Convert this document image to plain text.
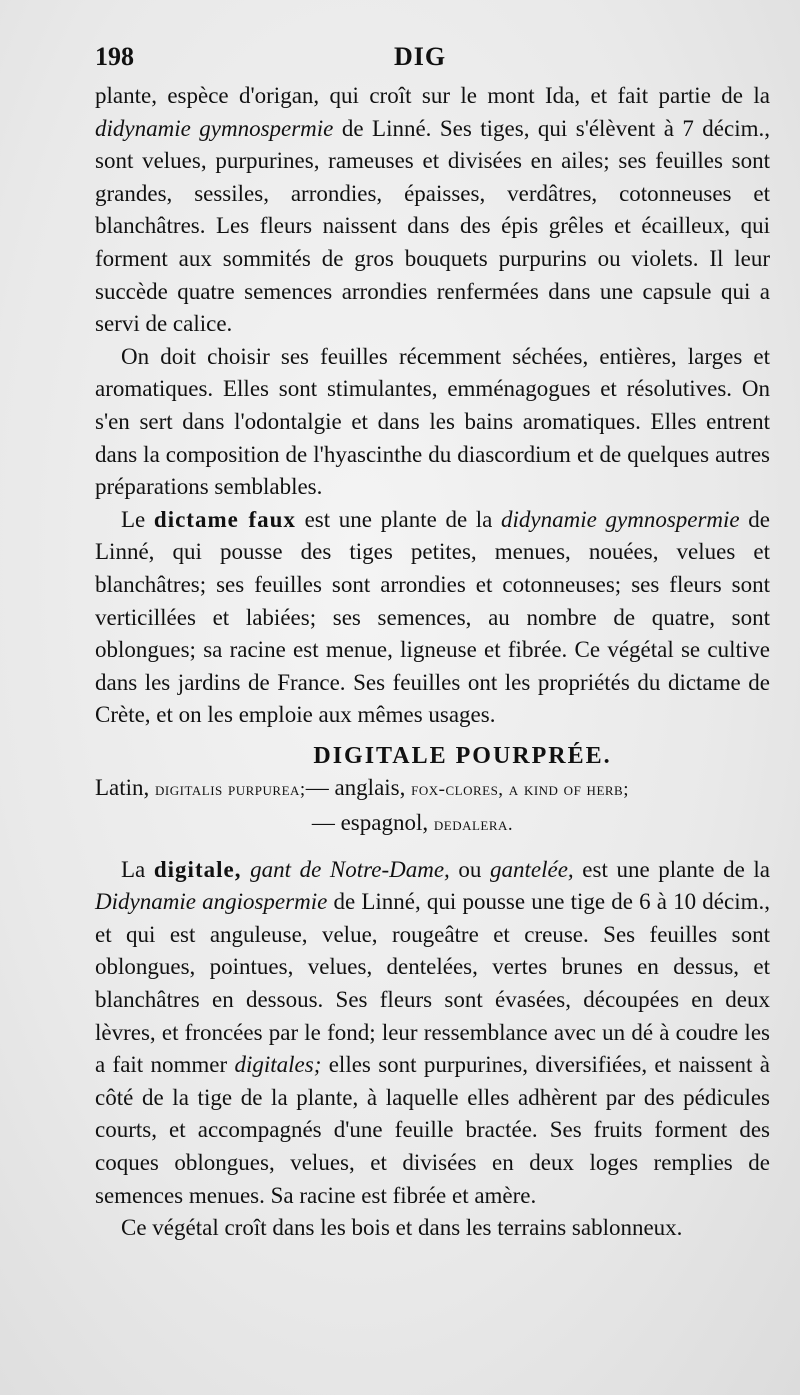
198	DIG

plante, espèce d'origan, qui croît sur le mont Ida, et fait partie de la didynamie gymnospermie de Linné. Ses tiges, qui s'élèvent à 7 décim., sont velues, purpurines, rameuses et divisées en ailes; ses feuilles sont grandes, sessiles, arrondies, épaisses, verdâtres, cotonneuses et blanchâtres. Les fleurs naissent dans des épis grêles et écailleux, qui forment aux sommités de gros bouquets purpurins ou violets. Il leur succède quatre semences arrondies renfermées dans une capsule qui a servi de calice.

On doit choisir ses feuilles récemment séchées, entières, larges et aromatiques. Elles sont stimulantes, emménagogues et résolutives. On s'en sert dans l'odontalgie et dans les bains aromatiques. Elles entrent dans la composition de l'hyascinthe du diascordium et de quelques autres préparations semblables.

Le dictame faux est une plante de la didynamie gymnospermie de Linné, qui pousse des tiges petites, menues, nouées, velues et blanchâtres; ses feuilles sont arrondies et cotonneuses; ses fleurs sont verticillées et labiées; ses semences, au nombre de quatre, sont oblongues; sa racine est menue, ligneuse et fibrée. Ce végétal se cultive dans les jardins de France. Ses feuilles ont les propriétés du dictame de Crète, et on les emploie aux mêmes usages.

DIGITALE POURPRÉE.

Latin, digitalis purpurea;— anglais, fox-clores, a kind of herb;

— espagnol, dedalera.

La digitale, gant de Notre-Dame, ou gantelée, est une plante de la Didynamie angiospermie de Linné, qui pousse une tige de 6 à 10 décim., et qui est anguleuse, velue, rougeâtre et creuse. Ses feuilles sont oblongues, pointues, velues, dentelées, vertes brunes en dessus, et blanchâtres en dessous. Ses fleurs sont évasées, découpées en deux lèvres, et froncées par le fond; leur ressemblance avec un dé à coudre les a fait nommer digitales; elles sont purpurines, diversifiées, et naissent à côté de la tige de la plante, à laquelle elles adhèrent par des pédicules courts, et accompagnés d'une feuille bractée. Ses fruits forment des coques oblongues, velues, et divisées en deux loges remplies de semences menues. Sa racine est fibrée et amère.

Ce végétal croît dans les bois et dans les terrains sablonneux.
